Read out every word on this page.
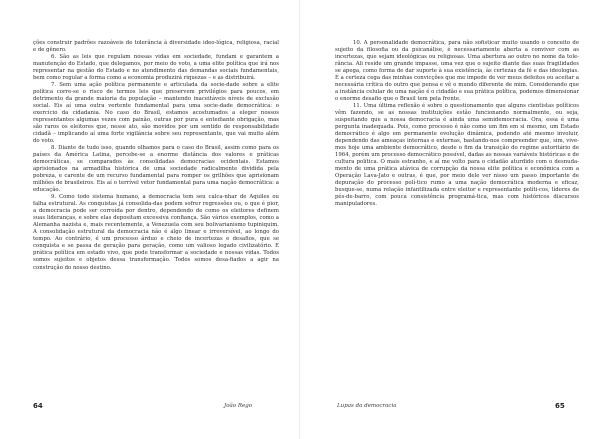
ções construir padrões razoáveis de tolerância à diversidade ideo-lógica, religiosa, racial e de gênero.

6. São as leis que regulam nossas vidas em sociedade, fundam e garantem a manutenção do Estado, que delegamos, por meio do voto, a uma elite política que irá nos representar na gestão do Estado e no atendimento das demandas sociais fundamentais, bem como regular a forma como a economia produzirá riquezas – e as distribuirá.

7. Sem uma ação política permanente e articulada da socie-dade sobre a elite política corre-se o risco de termos leis que preservem privilégios para poucos, em detrimento da grande maioria da população – mantendo inaceitáveis níveis de exclusão social. Eis aí uma outra vertente fundamental para uma socie-dade democrática: o exercício da cidadania. No caso do Brasil, estamos acostumados a eleger nossos representantes algumas vezes com paixão, outras por pura e entediante obrigação, mas são raros os eleitores que, nesse ato, são movidos por um sentido de responsabilidade cidadã – implicando aí uma forte vigilância sobre seu representante, que vai muito além do voto.

8. Diante de tudo isso, quando olhamos para o caso do Brasil, assim como para os países da América Latina, percebe-se a enorme distância dos valores e práticas democráticas, se comparados às consolidadas democracias ocidentais. Estamos aprisionados na armadilha histórica de uma sociedade radicalmente dividida pela pobreza, e carente de um recurso fundamental para romper os grilhões que aprisionam milhões de brasileiros. Eis aí o terrível vetor fundamental para uma nação democrática: a educação.

9. Como todo sistema humano, a democracia tem seu calca-nhar de Aquiles ou falha estrutural. As conquistas já consolida-das podem sofrer regressões ou, o que é pior, a democracia pode ser corroída por dentro, dependendo de como os eleitores definem suas lideranças, e sobre elas depositam excessiva confiança. São vários exemplos, como a Alemanha nazista e, mais recentemente, a Venezuela com seu bolivarianismo tupiniquim. A consolidação estrutural da democracia não é algo linear e irreversível, ao longo do tempo. Ao contrário, é um processo árduo e cheio de incertezas e desafios, que se conquista e se passa de geração para geração, como um valioso legado civilizatório. E prática política em estado vivo, que pode transformar a sociedade e nossas vidas. Todos somos sujeitos e objetos dessa transformação. Todos somos desa-fiados a agir na construção do nosso destino.

64	João Rego

10. A personalidade democrática, para não sofisticar muito usando o conceito de sujeito da filosofia ou da psicanálise, é necessariamente aberta a conviver com as incertezas, que sejam ideológicas ou religiosas. Uma abertura ao outro no nome da tole-rância. Ali reside um grande impasse, uma vez que o sujeito diante das suas fragilidades se apega, como forma de dar suporte à sua existência, às certezas da fé e das ideologias. É a certeza cega das minhas convicções que me impede de ver meus defeitos ou aceitar a necessária crítica do outro que pensa e vê o mundo diferente de mim. Considerando que a instância celular de uma nação é o cidadão e sua prática política, podemos dimensionar o enorme desafio que o Brasil tem pela frente.

11. Uma última reflexão é sobre o questionamento que alguns cientistas políticos vêm fazendo, se as nossas instituições estão funcionando normalmente, ou seja, suspeitando que a nossa democracia é ainda uma semidemocracia. Ora, essa é uma pergunta inadequada. Pois, como processo é não como um fim em si mesmo, um Estado democrático é algo em permanente evolução dinâmica, podendo até mesmo involuir, dependendo das ameaças internas e externas, bastando-nos compreender que, sim, vive-mos hoje uma ambiente democrático, desde o fim da transição do regime autoritário de 1964, porém um processo democrático possível, dadas as nossas variáveis históricas e de cultura política. O mais estranho, e aí me volto para o cidadão aturdido com o desnuda-mento de uma prática atávica de corrupção da nossa elite política e econômica com a Operação Lava-Jato e outras, é que, por meio dele ver nisso um passo importante de depuração do processo polí-tico rumo a uma nação democrática moderna e eficaz, busque-se, numa relação infantilizada entre eleitor e representante políti-cos, líderes de pés-de-barro, com pouca consistência programá-tica, mas com históricos discursos manipuladores.

Lupas da democracia	65
